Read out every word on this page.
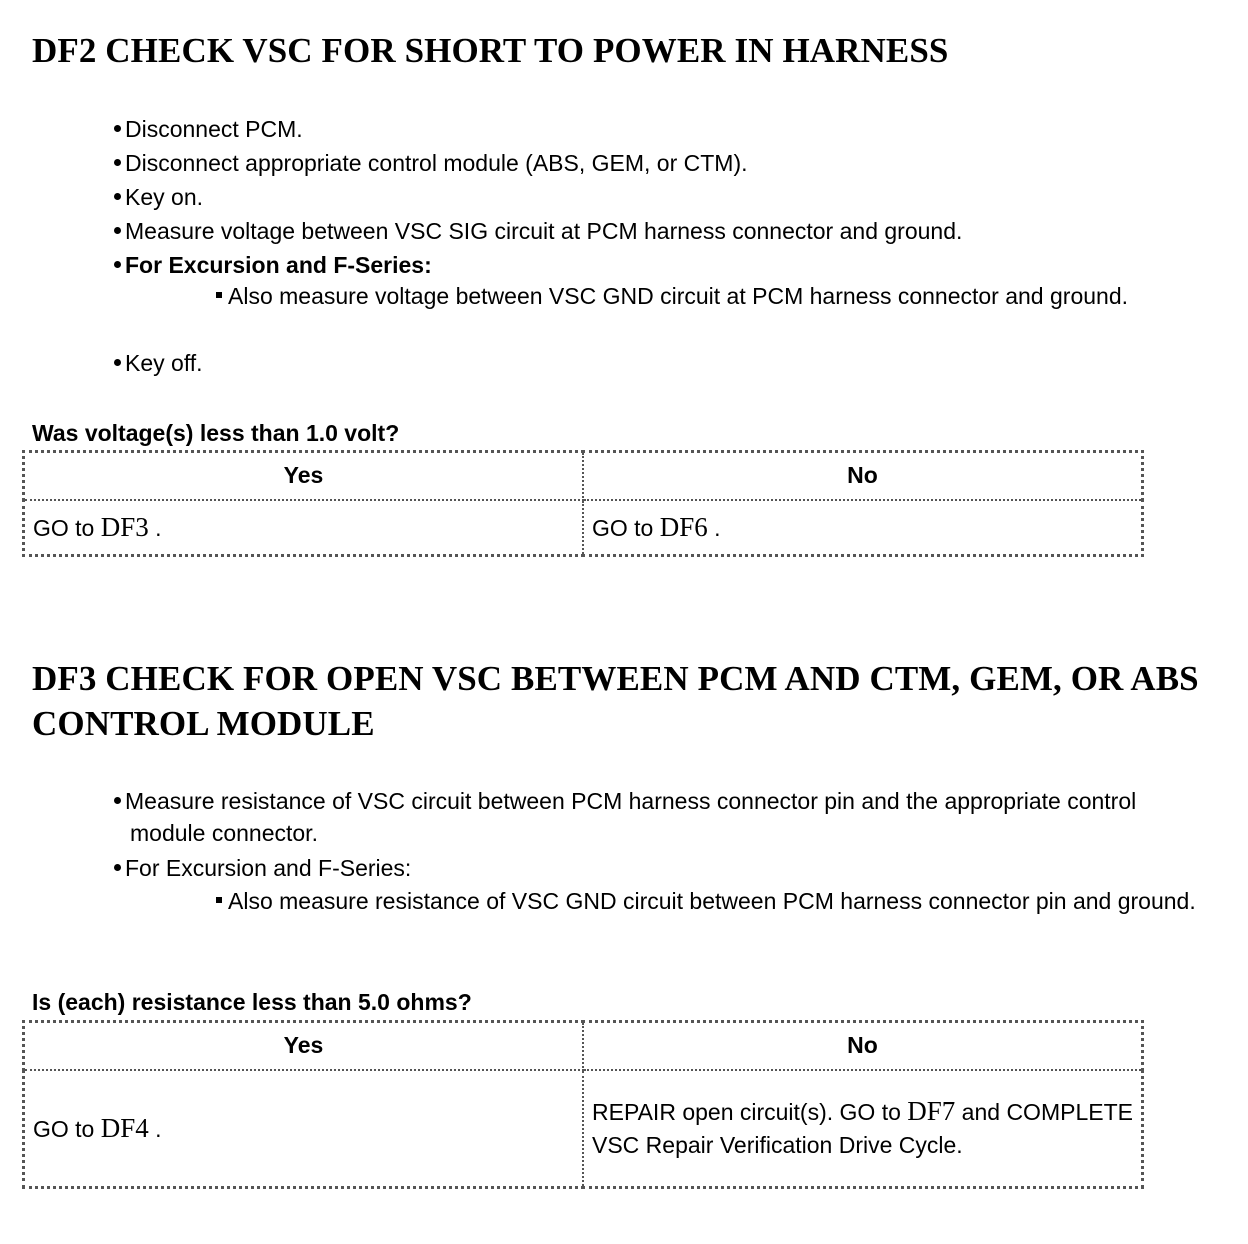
DF2 CHECK VSC FOR SHORT TO POWER IN HARNESS
Disconnect PCM.
Disconnect appropriate control module (ABS, GEM, or CTM).
Key on.
Measure voltage between VSC SIG circuit at PCM harness connector and ground.
For Excursion and F-Series:
Also measure voltage between VSC GND circuit at PCM harness connector and ground.
Key off.

Was voltage(s) less than 1.0 volt?

Yes	No
GO to DF3 .	GO to DF6 .
DF3 CHECK FOR OPEN VSC BETWEEN PCM AND CTM, GEM, OR ABS CONTROL MODULE
Measure resistance of VSC circuit between PCM harness connector pin and the appropriate control module connector.
For Excursion and F-Series:
Also measure resistance of VSC GND circuit between PCM harness connector pin and ground.

Is (each) resistance less than 5.0 ohms?

Yes	No
GO to DF4 .	REPAIR open circuit(s). GO to DF7 and COMPLETE VSC Repair Verification Drive Cycle.
